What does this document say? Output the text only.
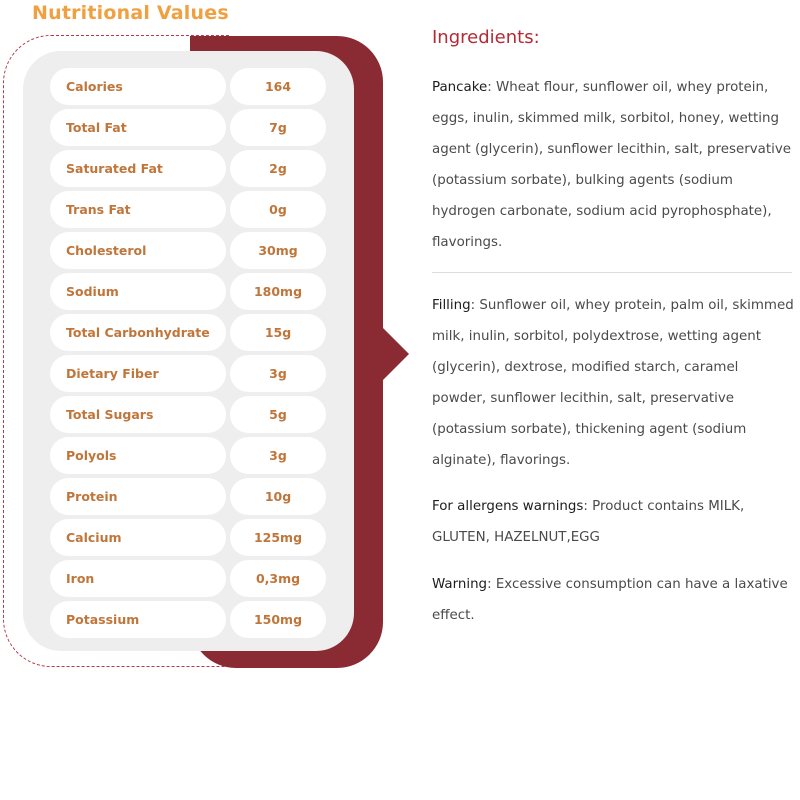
Nutritional Values
Calories	164
Total Fat	7g
Saturated Fat	2g
Trans Fat	0g
Cholesterol	30mg
Sodium	180mg
Total Carbonhydrate	15g
Dietary Fiber	3g
Total Sugars	5g
Polyols	3g
Protein	10g
Calcium	125mg
Iron	0,3mg
Potassium	150mg
Ingredients:

Pancake: Wheat flour, sunflower oil, whey protein, eggs, inulin, skimmed milk, sorbitol, honey, wetting agent (glycerin), sunflower lecithin, salt, preservative (potassium sorbate), bulking agents (sodium hydrogen carbonate, sodium acid pyrophosphate), flavorings.

Filling: Sunflower oil, whey protein, palm oil, skimmed milk, inulin, sorbitol, polydextrose, wetting agent (glycerin), dextrose, modified starch, caramel powder, sunflower lecithin, salt, preservative (potassium sorbate), thickening agent (sodium alginate), flavorings.

For allergens warnings: Product contains MILK, GLUTEN, HAZELNUT,EGG

Warning: Excessive consumption can have a laxative effect.
